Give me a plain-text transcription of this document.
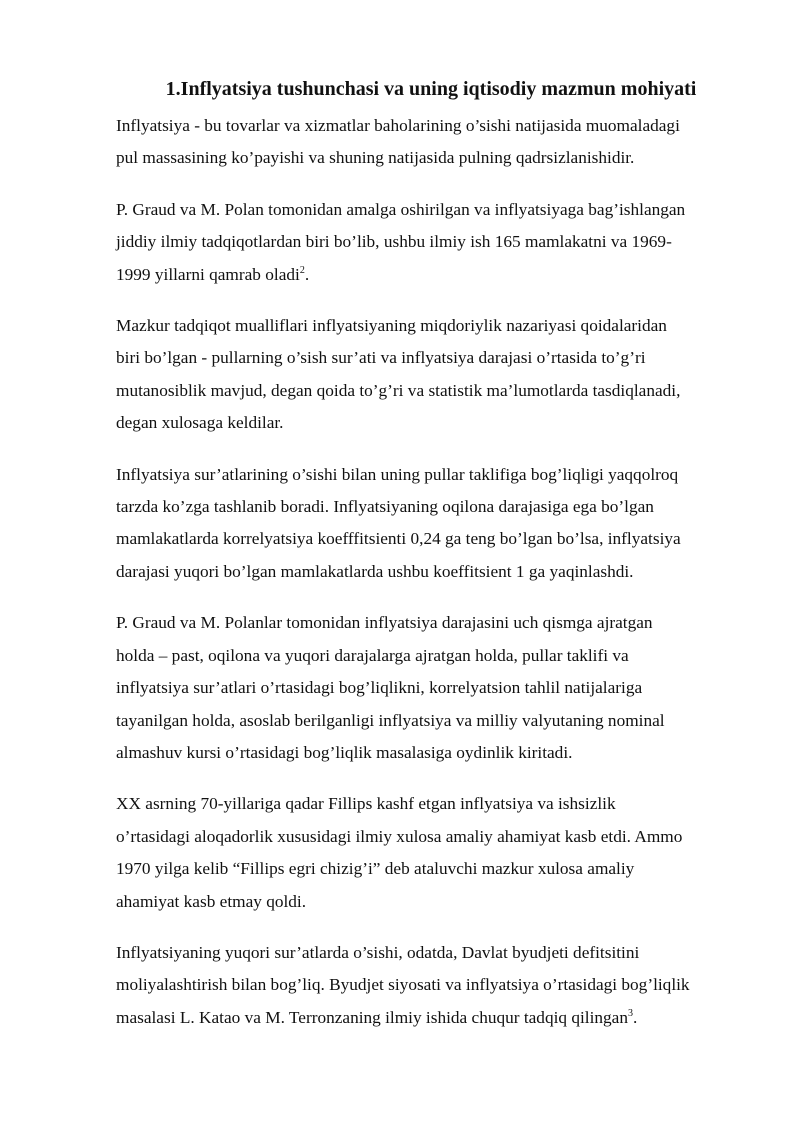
1.Inflyatsiya tushunchasi va uning iqtisodiy mazmun mohiyati

Inflyatsiya - bu tovarlar va xizmatlar baholarining o’sishi natijasida muomaladagi
pul massasining ko’payishi va shuning natijasida pulning qadrsizlanishidir.

P. Graud va M. Polan tomonidan amalga oshirilgan va inflyatsiyaga bag’ishlangan
jiddiy ilmiy tadqiqotlardan biri bo’lib, ushbu ilmiy ish 165 mamlakatni va 1969-
1999 yillarni qamrab oladi$^2$.

Mazkur tadqiqot mualliflari inflyatsiyaning miqdoriylik nazariyasi qoidalaridan
biri bo’lgan - pullarning o’sish sur’ati va inflyatsiya darajasi o’rtasida to’g’ri
mutanosiblik mavjud, degan qoida to’g’ri va statistik ma’lumotlarda tasdiqlanadi,
degan xulosaga keldilar.

Inflyatsiya sur’atlarining o’sishi bilan uning pullar taklifiga bog’liqligi yaqqolroq
tarzda ko’zga tashlanib boradi. Inflyatsiyaning oqilona darajasiga ega bo’lgan
mamlakatlarda korrelyatsiya koefffitsienti 0,24 ga teng bo’lgan bo’lsa, inflyatsiya
darajasi yuqori bo’lgan mamlakatlarda ushbu koeffitsient 1 ga yaqinlashdi.

P. Graud va M. Polanlar tomonidan inflyatsiya darajasini uch qismga ajratgan
holda – past, oqilona va yuqori darajalarga ajratgan holda, pullar taklifi va
inflyatsiya sur’atlari o’rtasidagi bog’liqlikni, korrelyatsion tahlil natijalariga
tayanilgan holda, asoslab berilganligi inflyatsiya va milliy valyutaning nominal
almashuv kursi o’rtasidagi bog’liqlik masalasiga oydinlik kiritadi.

XX asrning 70-yillariga qadar Fillips kashf etgan inflyatsiya va ishsizlik
o’rtasidagi aloqadorlik xususidagi ilmiy xulosa amaliy ahamiyat kasb etdi. Ammo
1970 yilga kelib “Fillips egri chizig’i” deb ataluvchi mazkur xulosa amaliy
ahamiyat kasb etmay qoldi.

Inflyatsiyaning yuqori sur’atlarda o’sishi, odatda, Davlat byudjeti defitsitini
moliyalashtirish bilan bog’liq. Byudjet siyosati va inflyatsiya o’rtasidagi bog’liqlik
masalasi L. Katao va M. Terronzaning ilmiy ishida chuqur tadqiq qilingan$^3$.
